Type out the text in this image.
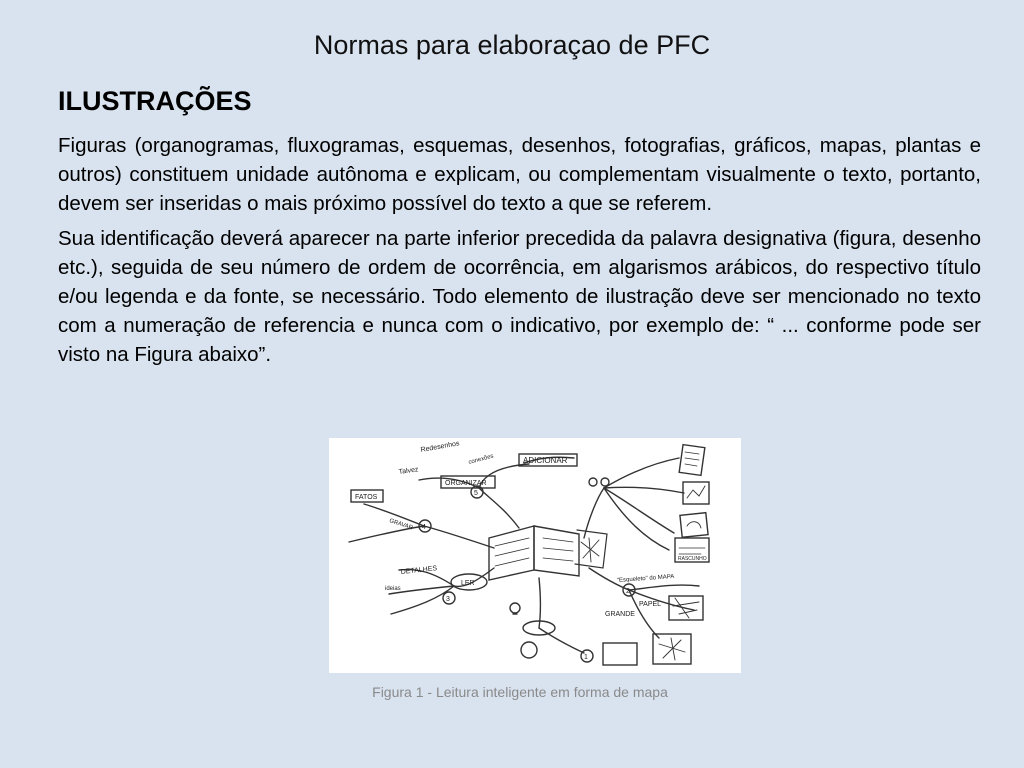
Normas para elaboraçao de PFC
ILUSTRAÇÕES

Figuras (organogramas, fluxogramas, esquemas, desenhos, fotografias, gráficos, mapas, plantas e outros) constituem unidade autônoma e explicam, ou complementam visualmente o texto, portanto, devem ser inseridas o mais próximo possível do texto a que se referem.

Sua identificação deverá aparecer na parte inferior precedida da palavra designativa (figura, desenho etc.), seguida de seu número de ordem de ocorrência, em algarismos arábicos, do respectivo título e/ou legenda e da fonte, se necessário. Todo elemento de ilustração deve ser mencionado no texto com a numeração de referencia e nunca com o indicativo, por exemplo de: “ ... conforme pode ser visto na Figura abaixo”.

ADICIONAR
ORGANIZAR
Redesenhos
conexões
Talvez
FATOS
GRAVAR
DETALHES
LER
PAPEL
GRANDE
"Esqueleto" do MAPA
RASCUNHO
ideias
5
4
3
2
1
Figura 1 - Leitura inteligente em forma de mapa
